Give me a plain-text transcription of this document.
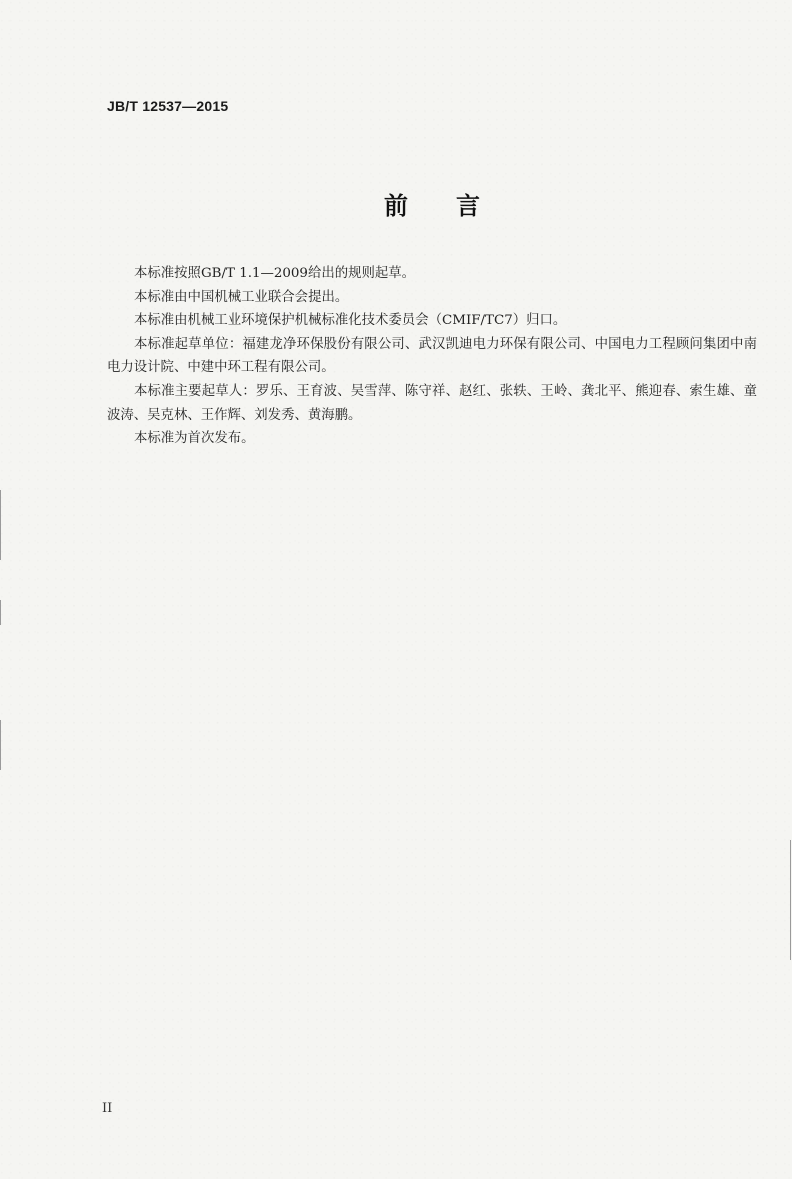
JB/T 12537—2015
前 言

本标准按照GB/T 1.1—2009给出的规则起草。

本标准由中国机械工业联合会提出。

本标准由机械工业环境保护机械标准化技术委员会（CMIF/TC7）归口。

本标准起草单位：福建龙净环保股份有限公司、武汉凯迪电力环保有限公司、中国电力工程顾问集团中南电力设计院、中建中环工程有限公司。

本标准主要起草人：罗乐、王育波、吴雪萍、陈守祥、赵红、张轶、王岭、龚北平、熊迎春、索生雄、童波涛、吴克林、王作辉、刘发秀、黄海鹏。

本标准为首次发布。

II
